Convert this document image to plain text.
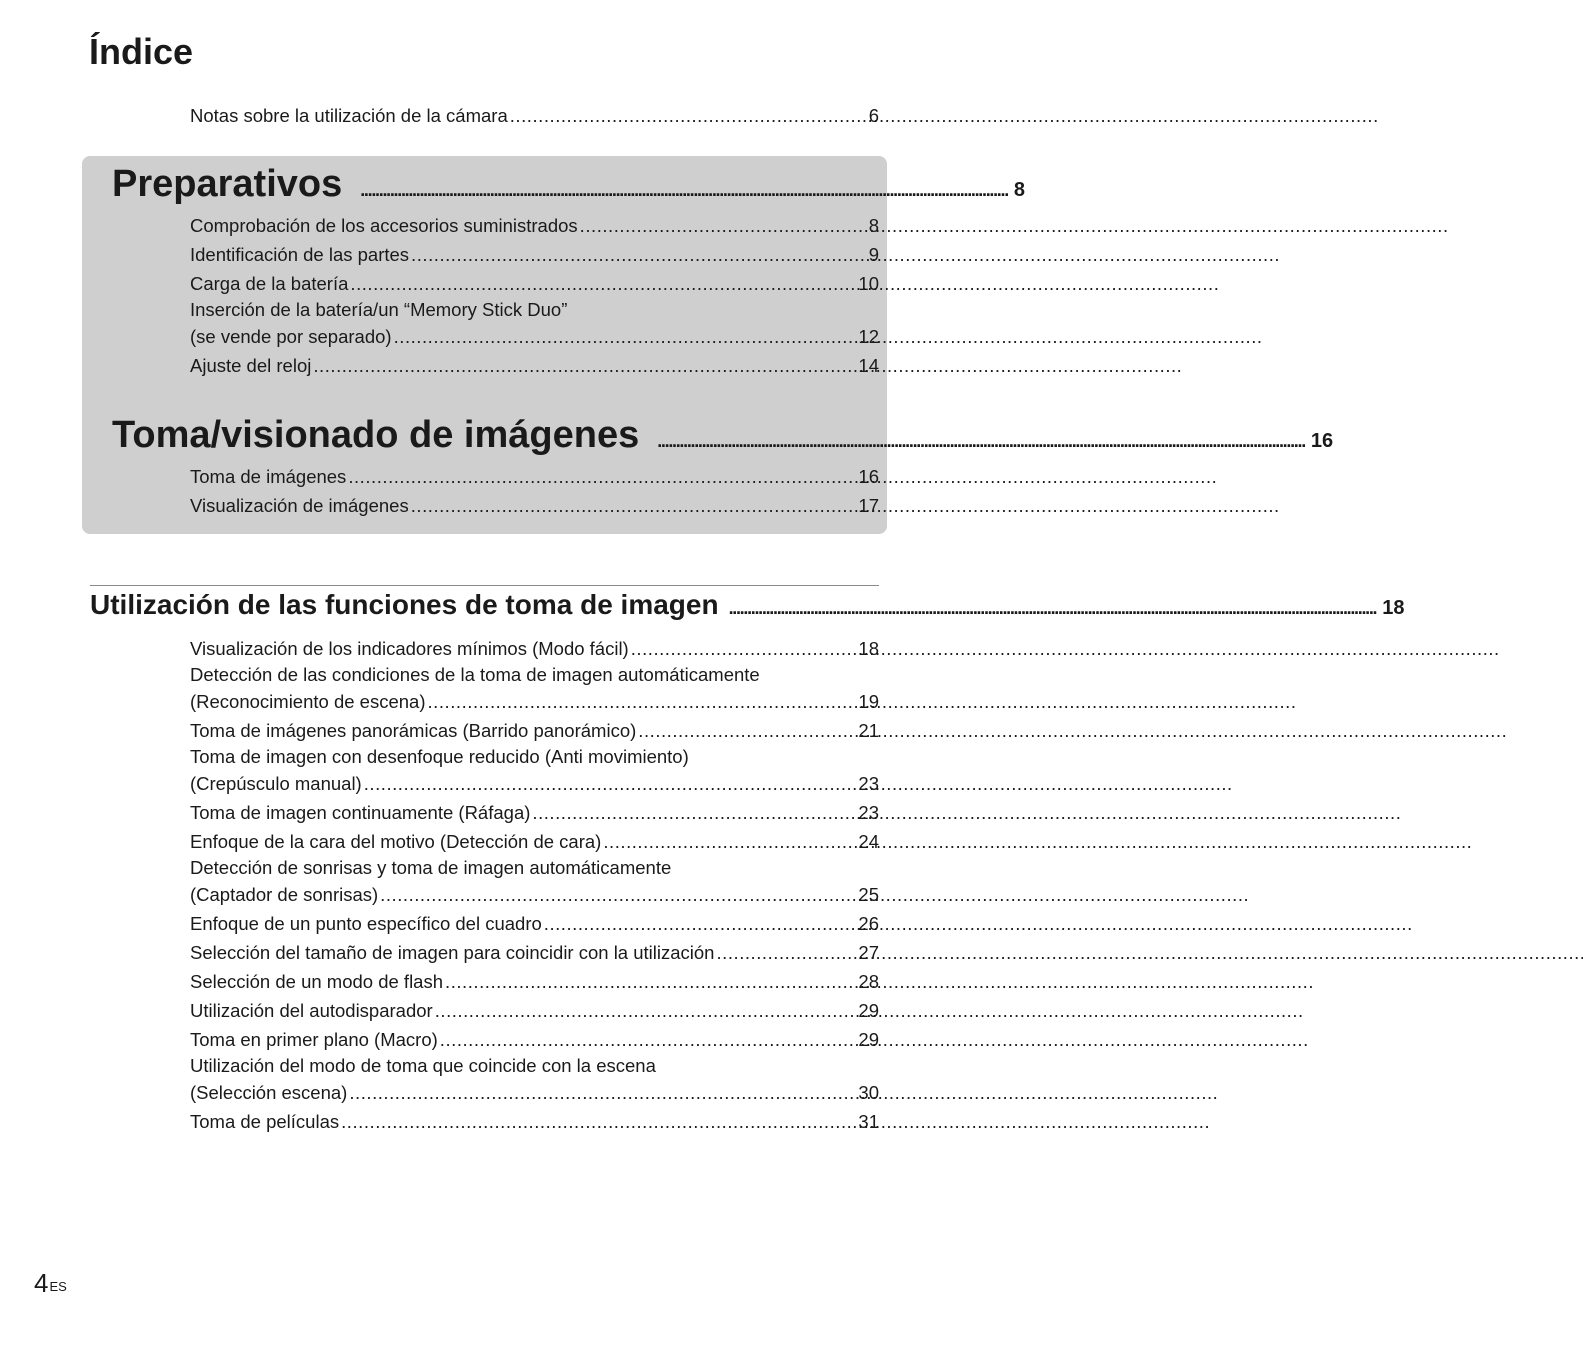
Índice
Notas sobre la utilización de la cámara . . .	6
Preparativos .....	8
Comprobación de los accesorios suministrados . . .	8
Identificación de las partes . . .	9
Carga de la batería . . .	10
Inserción de la batería/un “Memory Stick Duo”
(se vende por separado) . . .	12
Ajuste del reloj . . .	14
Toma/visionado de imágenes .....	16
Toma de imágenes . . .	16
Visualización de imágenes . . .	17
Utilización de las funciones de toma de imagen .....	18
Visualización de los indicadores mínimos (Modo fácil) . . .	18
Detección de las condiciones de la toma de imagen automáticamente
(Reconocimiento de escena) . . .	19
Toma de imágenes panorámicas (Barrido panorámico) . . .	21
Toma de imagen con desenfoque reducido (Anti movimiento)
(Crepúsculo manual) . . .	23
Toma de imagen continuamente (Ráfaga) . . .	23
Enfoque de la cara del motivo (Detección de cara) . . .	24
Detección de sonrisas y toma de imagen automáticamente
(Captador de sonrisas) . . .	25
Enfoque de un punto específico del cuadro . . .	26
Selección del tamaño de imagen para coincidir con la utilización . . .	27
Selección de un modo de flash . . .	28
Utilización del autodisparador . . .	29
Toma en primer plano (Macro) . . .	29
Utilización del modo de toma que coincide con la escena
(Selección escena) . . .	30
Toma de películas . . .	31
$4^{ES}$
